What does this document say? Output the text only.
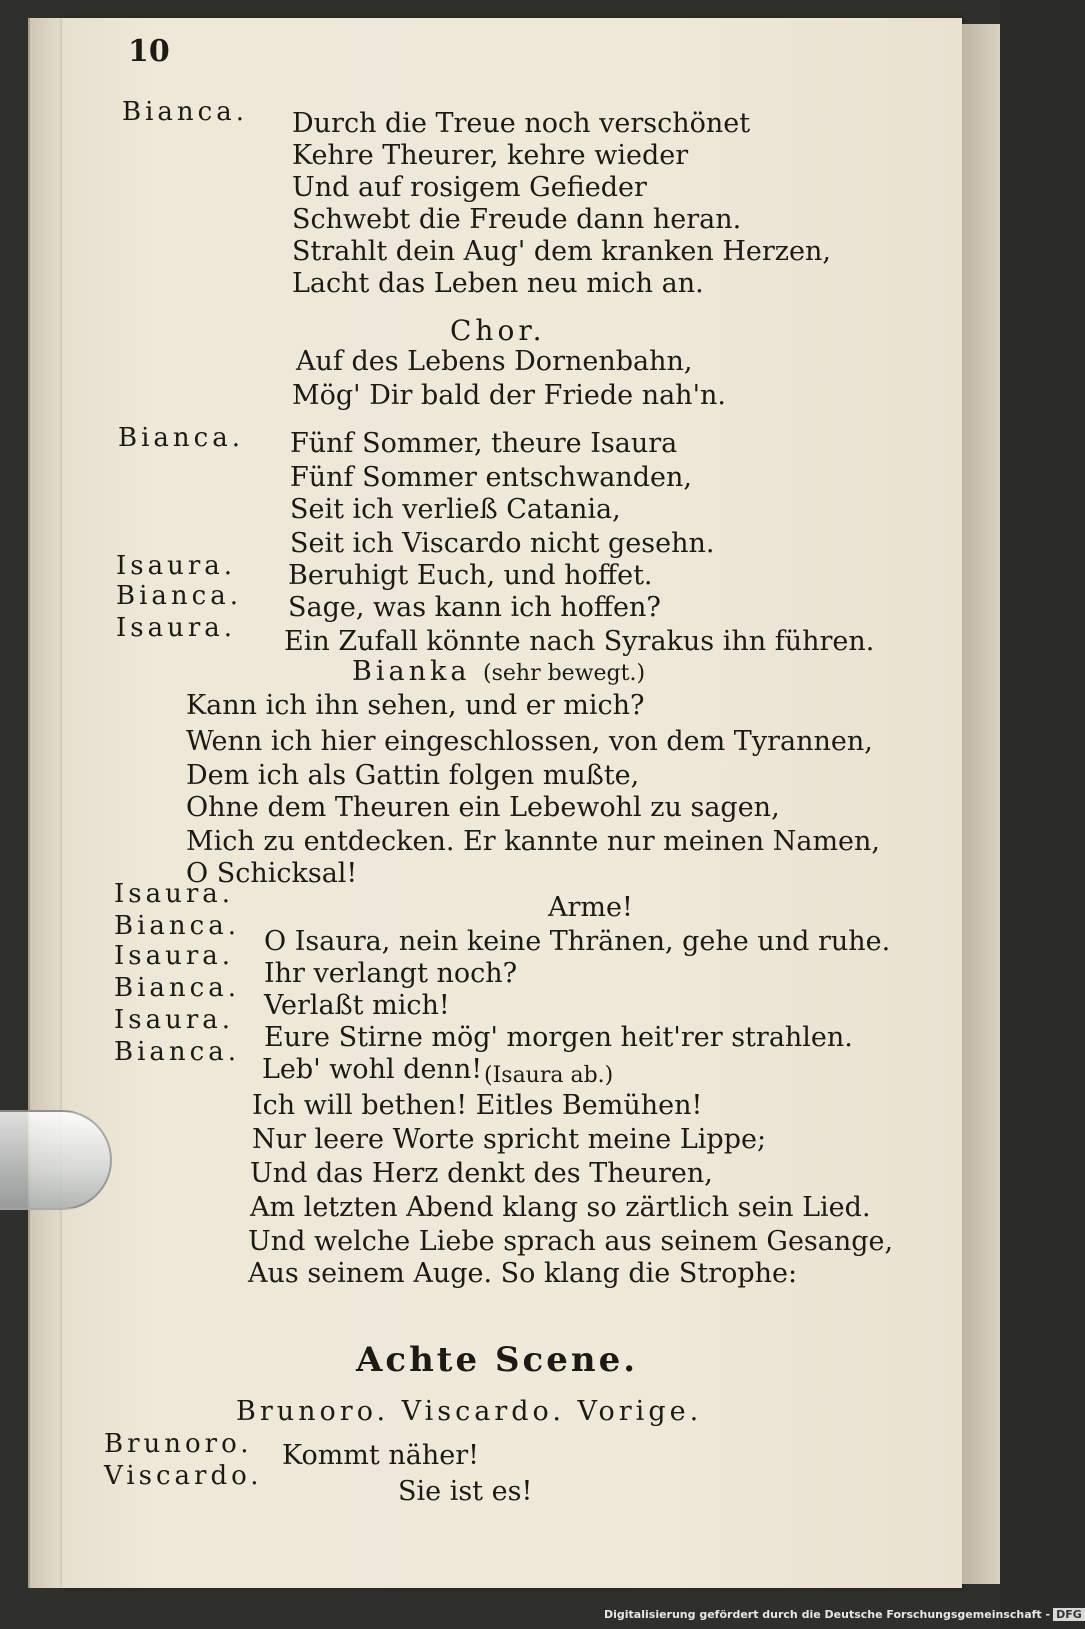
10
Bianca. Durch die Treue noch verschönet
Kehre Theurer, kehre wieder
Und auf rosigem Gefieder
Schwebt die Freude dann heran.
Strahlt dein Aug' dem kranken Herzen,
Lacht das Leben neu mich an.
Chor.
Auf des Lebens Dornenbahn,
Mög' Dir bald der Friede nah'n.
Bianca. Fünf Sommer, theure Isaura
Fünf Sommer entschwanden,
Seit ich verließ Catania,
Seit ich Viscardo nicht gesehn.
Isaura. Beruhigt Euch, und hoffet.
Bianca. Sage, was kann ich hoffen?
Isaura. Ein Zufall könnte nach Syrakus ihn führen.
Bianka (sehr bewegt.)
Kann ich ihn sehen, und er mich?
Wenn ich hier eingeschlossen, von dem Tyrannen,
Dem ich als Gattin folgen mußte,
Ohne dem Theuren ein Lebewohl zu sagen,
Mich zu entdecken. Er kannte nur meinen Namen,
O Schicksal!
Isaura.	Arme!
Bianca. O Isaura, nein keine Thränen, gehe und ruhe.
Isaura.
Ihr verlangt noch?
Bianca.
Verlaßt mich!
Isaura.
Eure Stirne mög' morgen heit'rer strahlen.
Bianca.
Leb' wohl denn! (Isaura ab.)
Ich will bethen! Eitles Bemühen!
Nur leere Worte spricht meine Lippe;
Und das Herz denkt des Theuren,
Am letzten Abend klang so zärtlich sein Lied.
Und welche Liebe sprach aus seinem Gesange,
Aus seinem Auge. So klang die Strophe:
Achte Scene.
Brunoro. Viscardo. Vorige.
Brunoro. Kommt näher!
Viscardo.	Sie ist es!
Digitalisierung gefördert durch die Deutsche Forschungsgemeinschaft - DFG
